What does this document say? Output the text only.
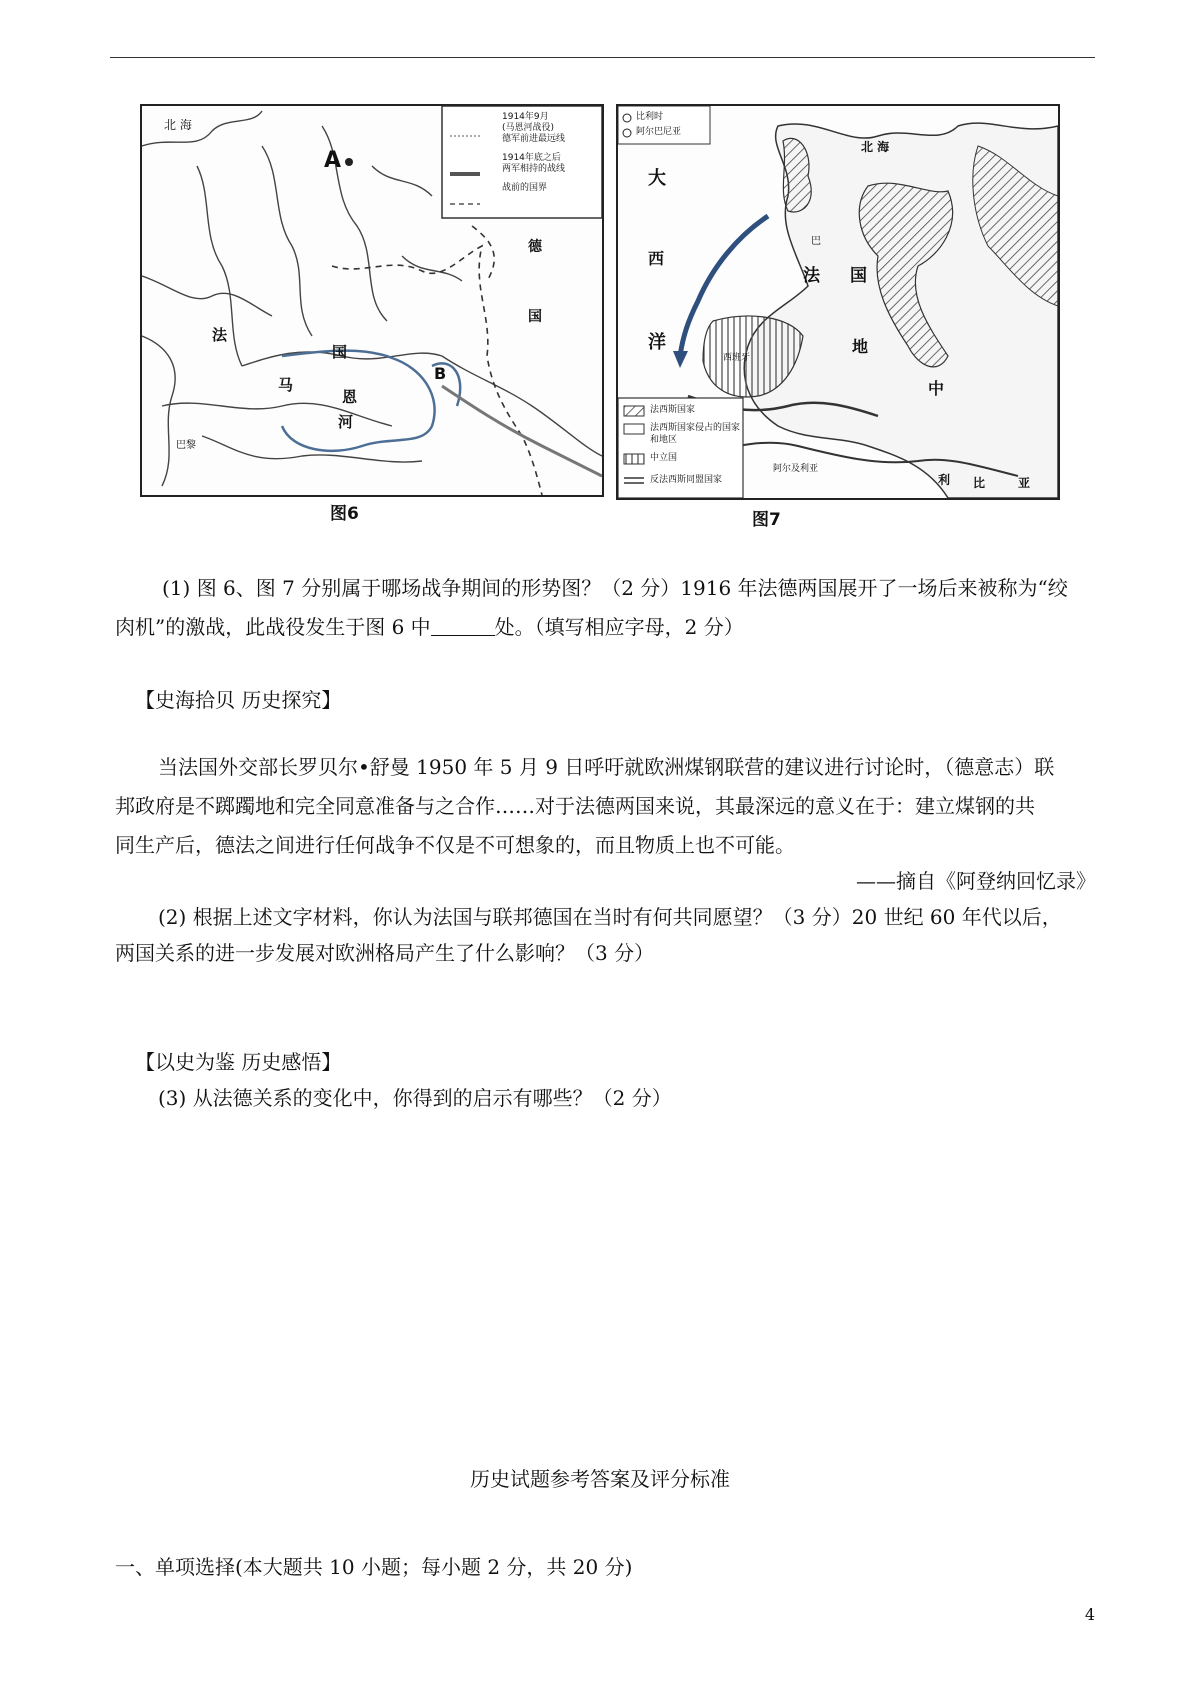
1914年9月
(马恩河战役)
德军前进最远线
1914年底之后
两军相持的战线
战前的国界
北 海
A
B
法
国
马
恩
河
德
国
巴黎
图6
比利时
阿尔巴尼亚
法西斯国家
法西斯国家侵占的国家和地区
中立国
反法西斯同盟国家
大
西
洋
法 国
地
中
北 海
西班牙
阿尔及利亚
利 比	亚
巴
图7
(1) 图 6、图 7 分别属于哪场战争期间的形势图？（2 分）1916 年法德两国展开了一场后来被称为“绞
肉机”的激战，此战役发生于图 6 中	处。（填写相应字母，2 分）
【史海拾贝 历史探究】
当法国外交部长罗贝尔•舒曼 1950 年 5 月 9 日呼吁就欧洲煤钢联营的建议进行讨论时，（德意志）联
邦政府是不踯躅地和完全同意准备与之合作……对于法德两国来说，其最深远的意义在于：建立煤钢的共
同生产后，德法之间进行任何战争不仅是不可想象的，而且物质上也不可能。
——摘自《阿登纳回忆录》
(2) 根据上述文字材料，你认为法国与联邦德国在当时有何共同愿望？（3 分）20 世纪 60 年代以后，
两国关系的进一步发展对欧洲格局产生了什么影响？（3 分）
【以史为鉴 历史感悟】
(3) 从法德关系的变化中，你得到的启示有哪些？（2 分）
历史试题参考答案及评分标准
一、单项选择(本大题共 10 小题；每小题 2 分，共 20 分)
4
